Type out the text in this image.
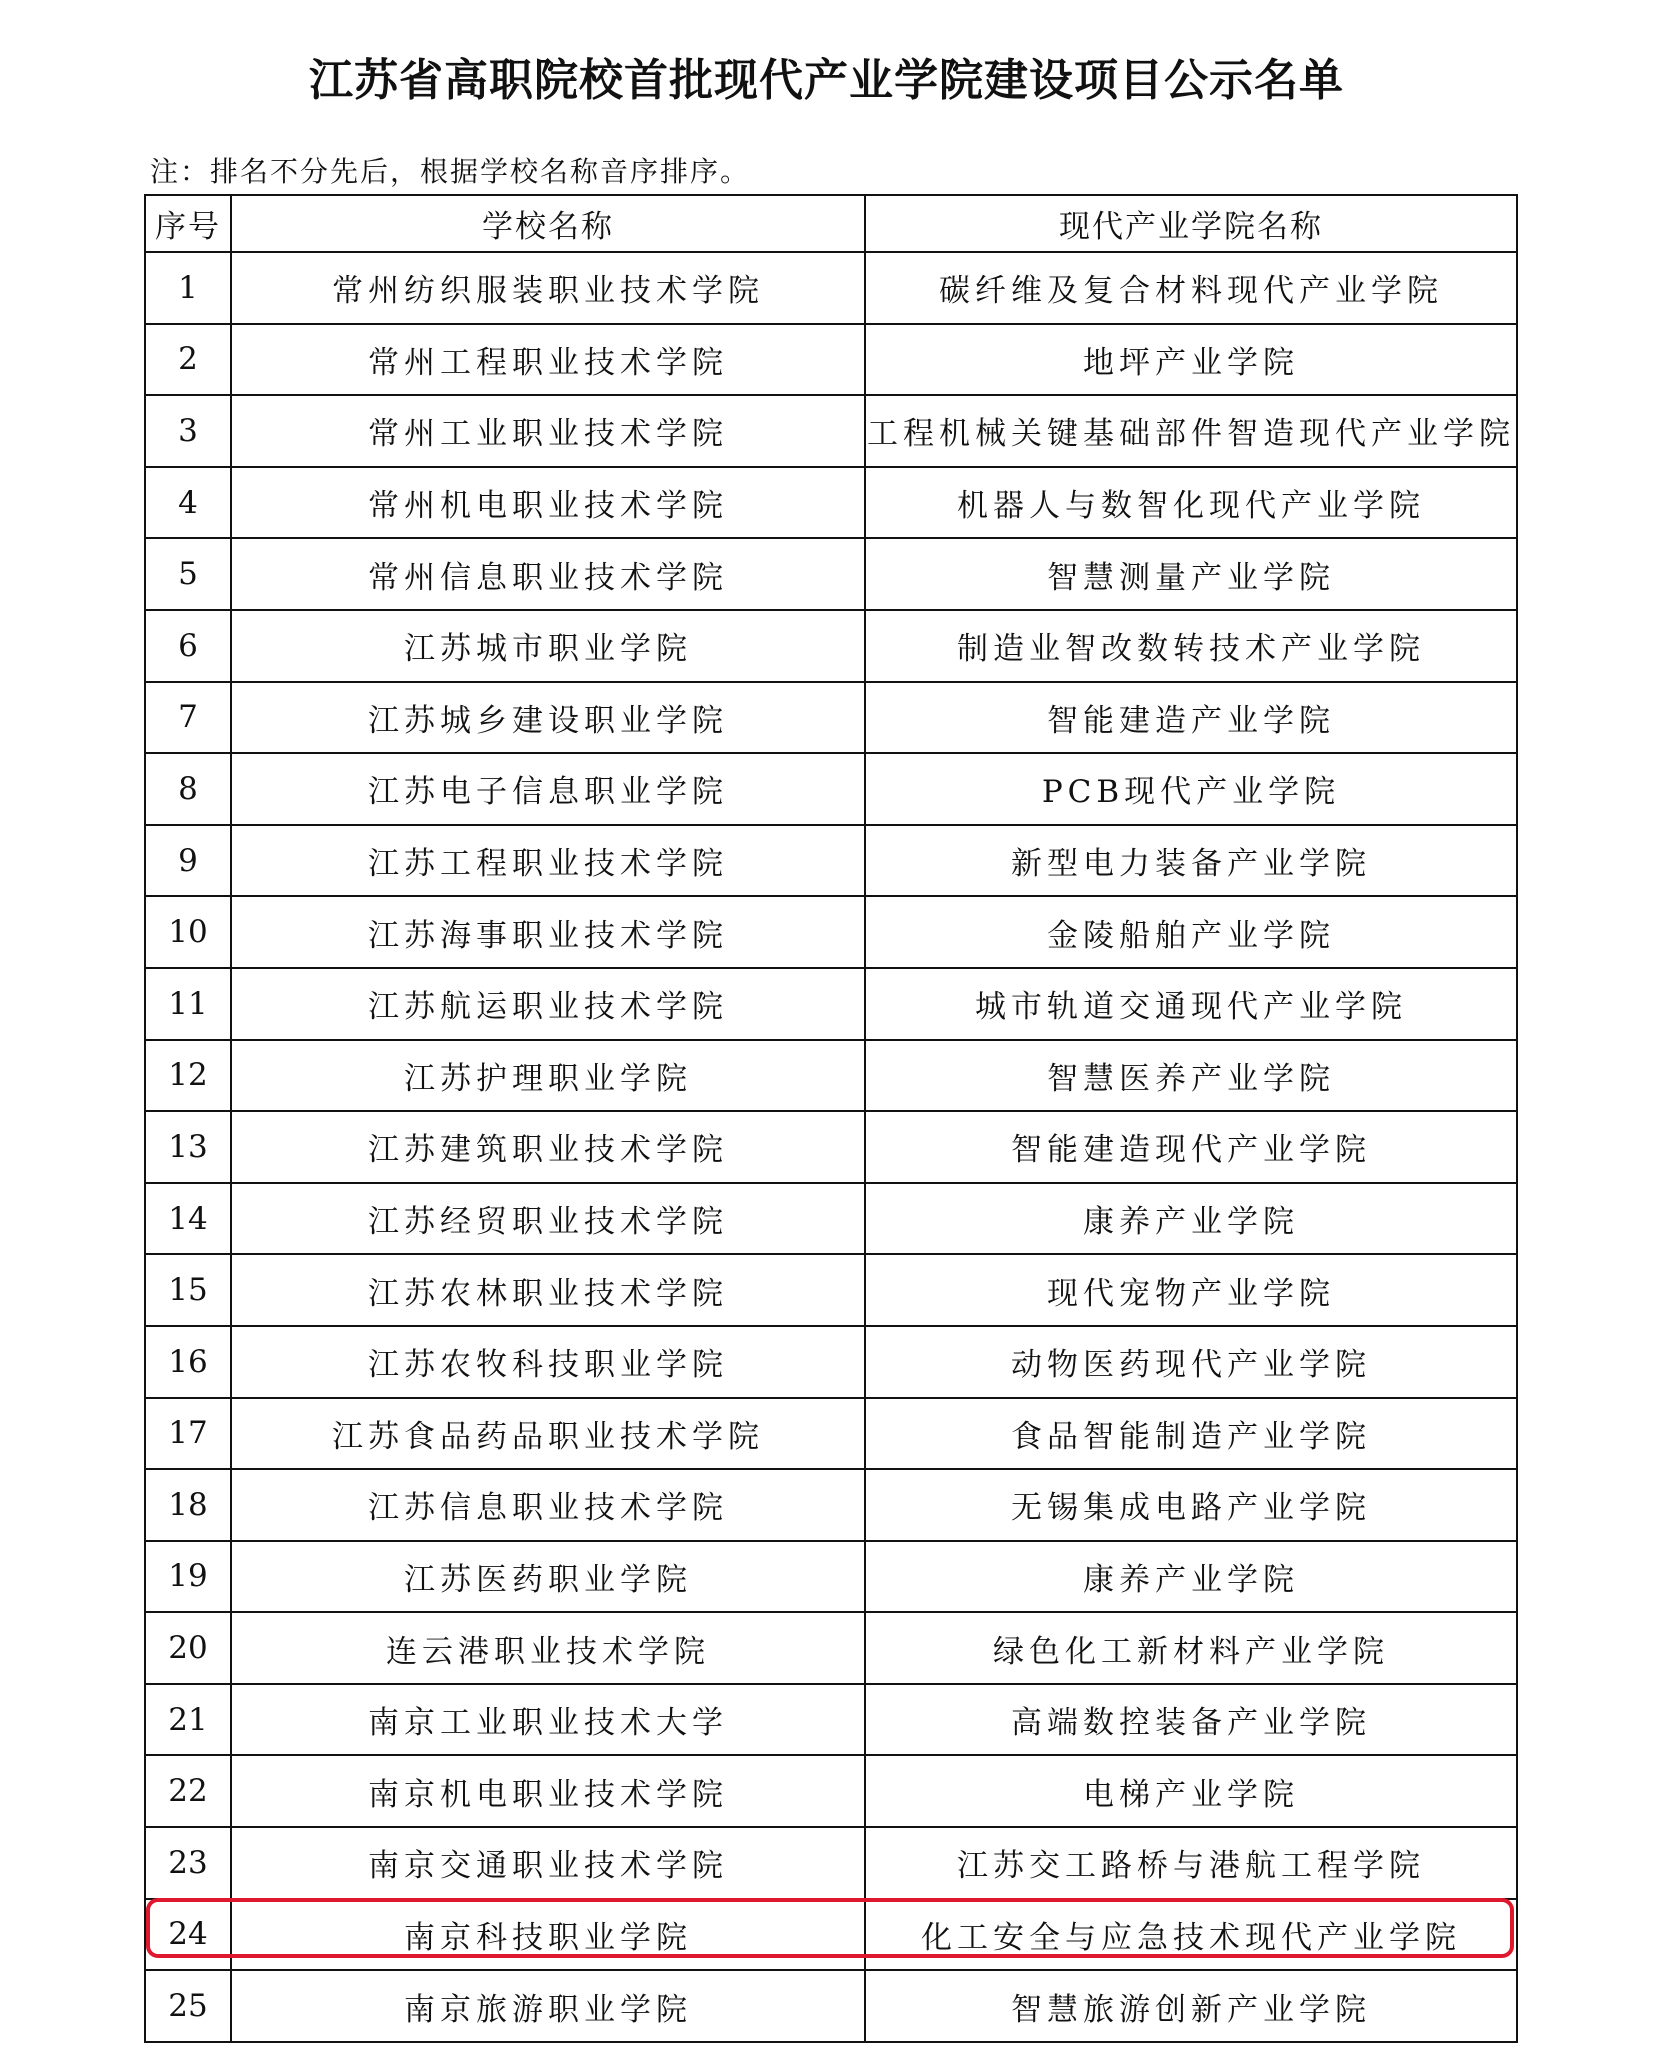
江苏省高职院校首批现代产业学院建设项目公示名单
注：排名不分先后，根据学校名称音序排序。
序号	学校名称	现代产业学院名称
1	常州纺织服装职业技术学院	碳纤维及复合材料现代产业学院
2	常州工程职业技术学院	地坪产业学院
3	常州工业职业技术学院	工程机械关键基础部件智造现代产业学院
4	常州机电职业技术学院	机器人与数智化现代产业学院
5	常州信息职业技术学院	智慧测量产业学院
6	江苏城市职业学院	制造业智改数转技术产业学院
7	江苏城乡建设职业学院	智能建造产业学院
8	江苏电子信息职业学院	PCB现代产业学院
9	江苏工程职业技术学院	新型电力装备产业学院
10	江苏海事职业技术学院	金陵船舶产业学院
11	江苏航运职业技术学院	城市轨道交通现代产业学院
12	江苏护理职业学院	智慧医养产业学院
13	江苏建筑职业技术学院	智能建造现代产业学院
14	江苏经贸职业技术学院	康养产业学院
15	江苏农林职业技术学院	现代宠物产业学院
16	江苏农牧科技职业学院	动物医药现代产业学院
17	江苏食品药品职业技术学院	食品智能制造产业学院
18	江苏信息职业技术学院	无锡集成电路产业学院
19	江苏医药职业学院	康养产业学院
20	连云港职业技术学院	绿色化工新材料产业学院
21	南京工业职业技术大学	高端数控装备产业学院
22	南京机电职业技术学院	电梯产业学院
23	南京交通职业技术学院	江苏交工路桥与港航工程学院
24	南京科技职业学院	化工安全与应急技术现代产业学院
25	南京旅游职业学院	智慧旅游创新产业学院
